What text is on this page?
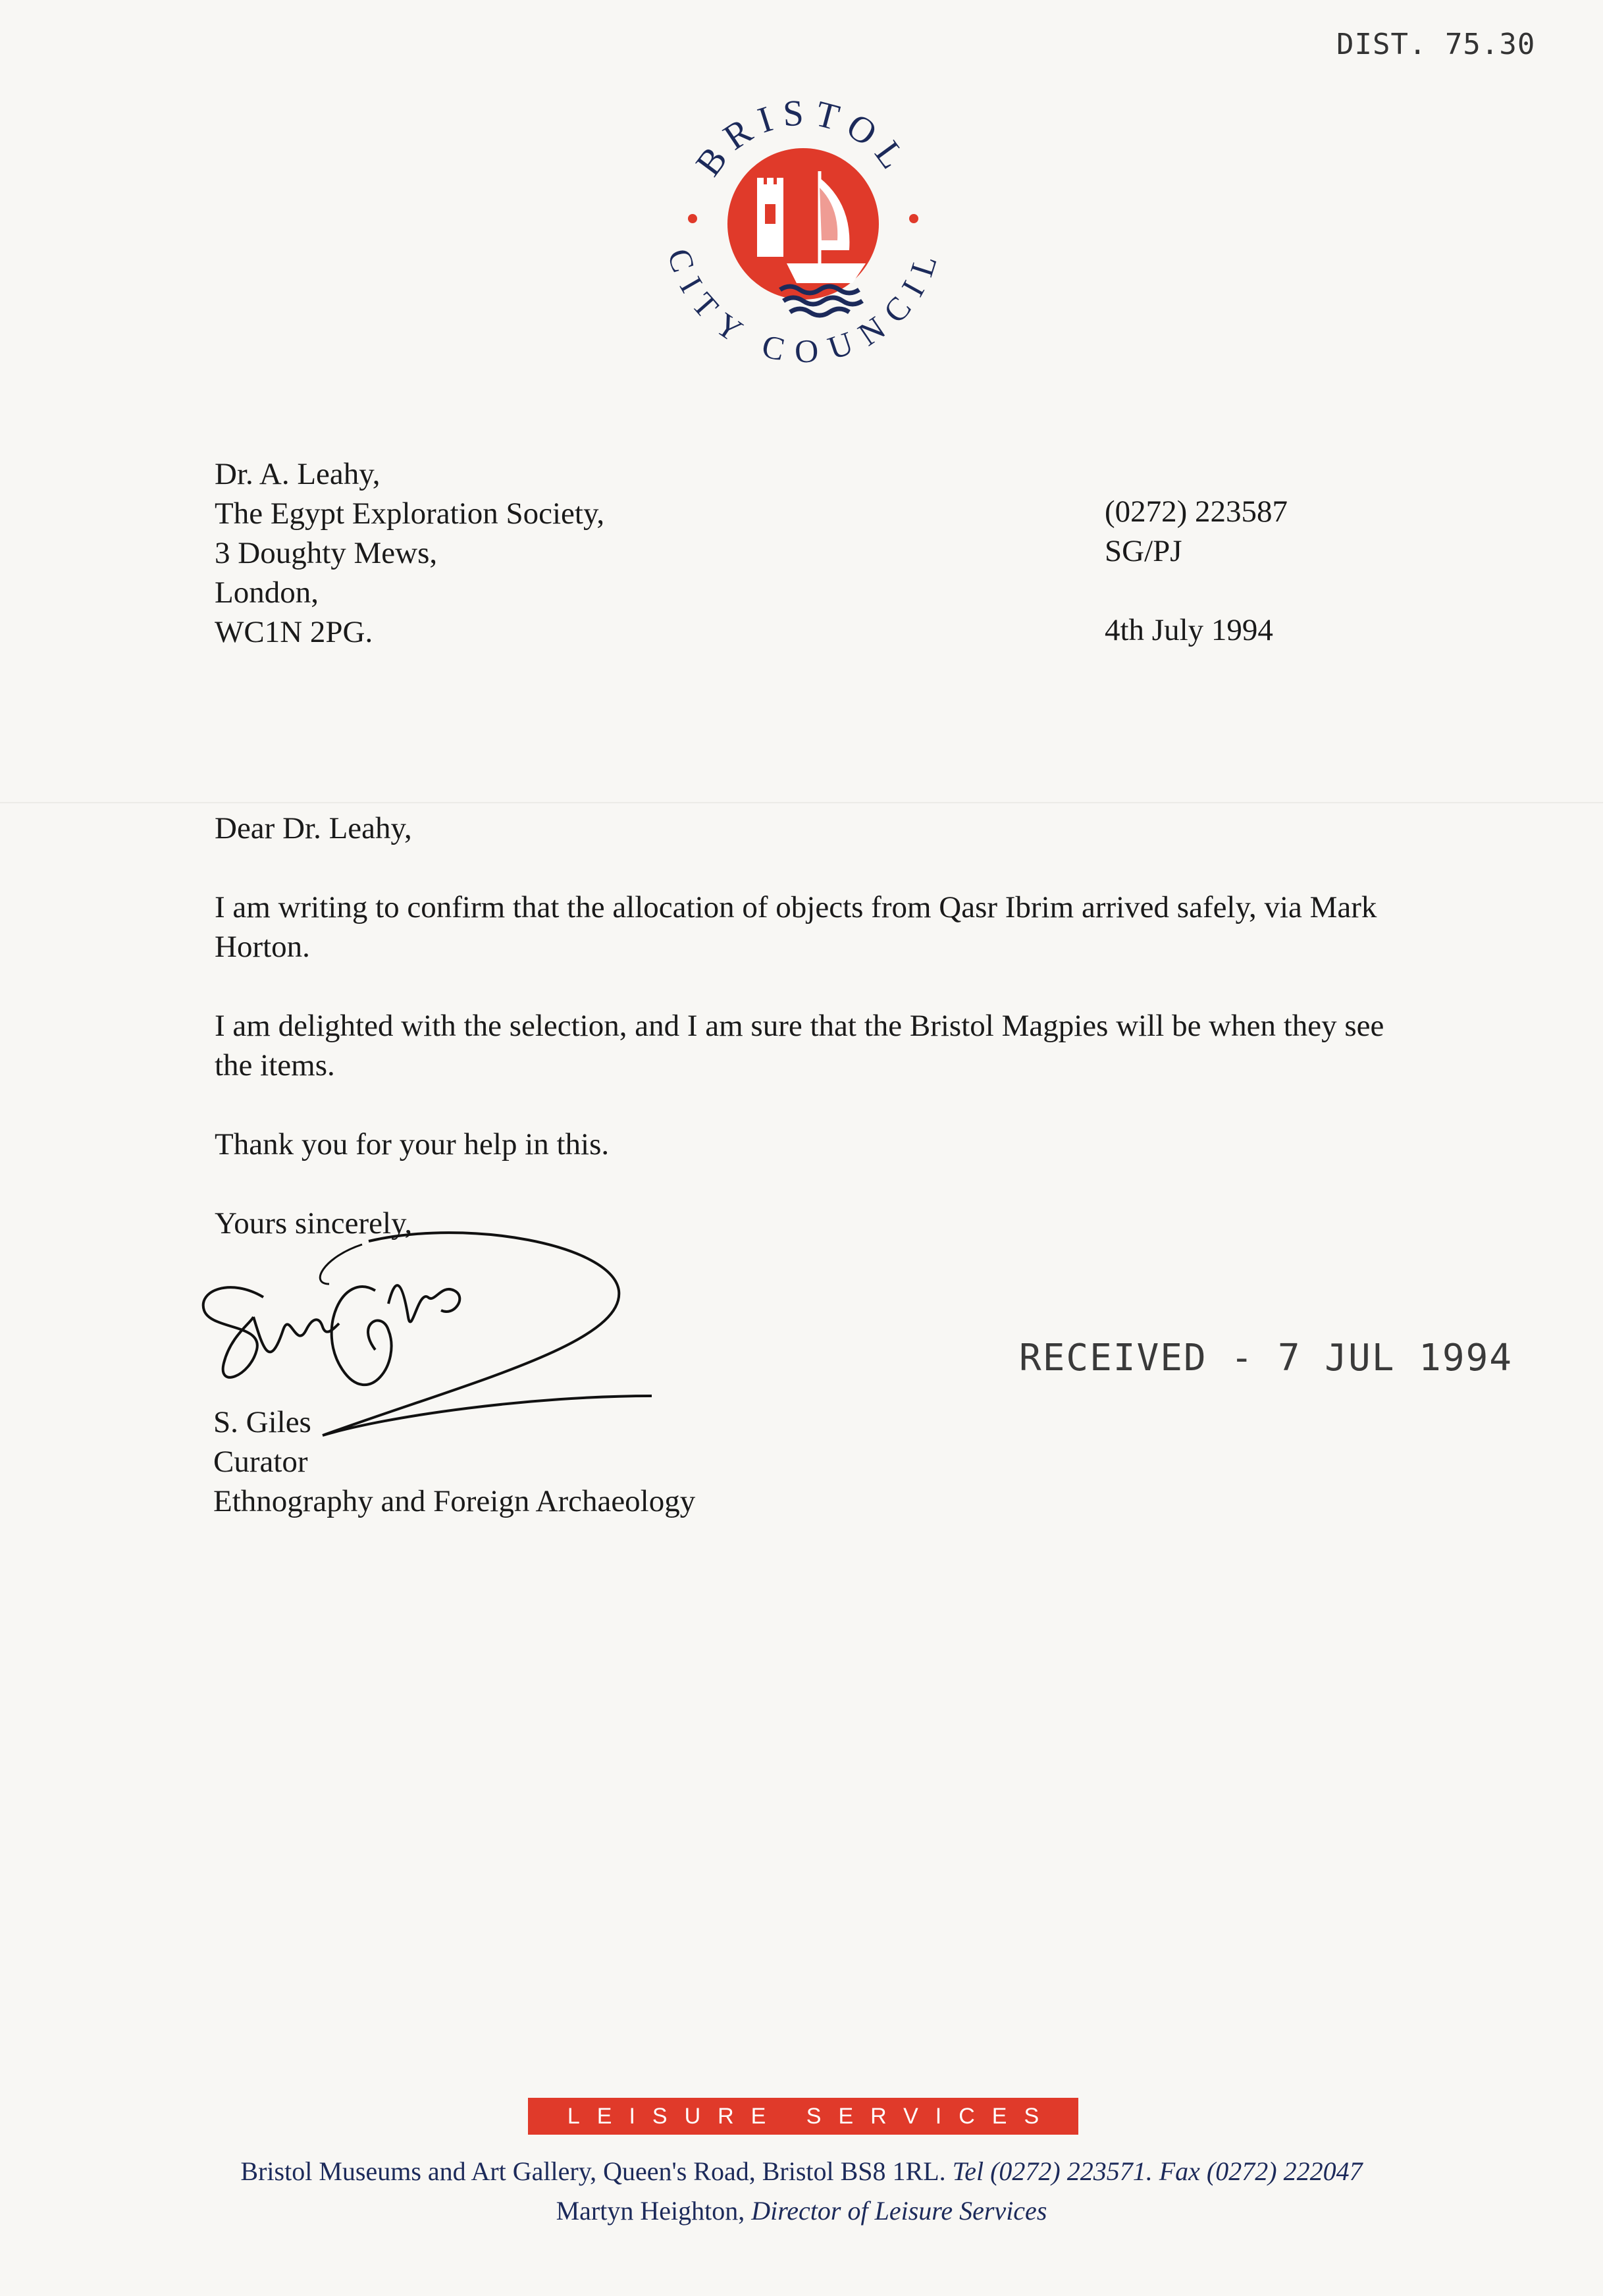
DIST. 75.30
BRISTOL
CITY COUNCIL
Dr. A. Leahy,
The Egypt Exploration Society,
3 Doughty Mews,
London,
WC1N 2PG.
(0272) 223587
SG/PJ
4th July 1994

Dear Dr. Leahy,

I am writing to confirm that the allocation of objects from Qasr Ibrim arrived safely, via Mark Horton.

I am delighted with the selection, and I am sure that the Bristol Magpies will be when they see the items.

Thank you for your help in this.

Yours sincerely,

S. Giles
Curator
Ethnography and Foreign Archaeology
RECEIVED - 7 JUL 1994
LEISURE SERVICES
Bristol Museums and Art Gallery, Queen's Road, Bristol BS8 1RL. Tel (0272) 223571. Fax (0272) 222047
Martyn Heighton, Director of Leisure Services
